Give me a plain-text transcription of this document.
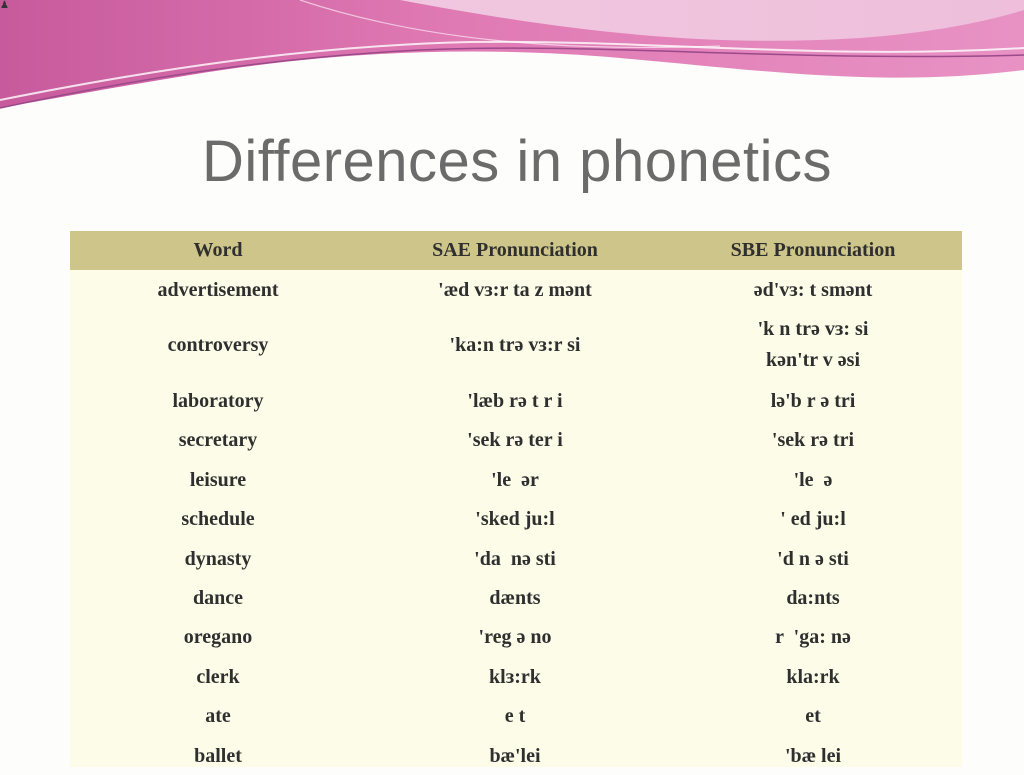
♟
Differences in phonetics
Word	SAE Pronunciation	SBE Pronunciation
advertisement	'æd vɜ:r ta z mənt	əd'vɜ: t smənt
controversy	'ka:n trə vɜ:r si	'k n trə vɜ: si
kən'tr v əsi
laboratory	'læb rə t r i	lə'b r ə tri
secretary	'sek rə ter i	'sek rə tri
leisure	'le  ər	'le  ə
schedule	'sked ju:l	' ed ju:l
dynasty	'da  nə sti	'd n ə sti
dance	dænts	da:nts
oregano	'reg ə no	r  'ga: nə
clerk	klɜ:rk	kla:rk
ate	e t	et
ballet	bæ'lei	'bæ lei
